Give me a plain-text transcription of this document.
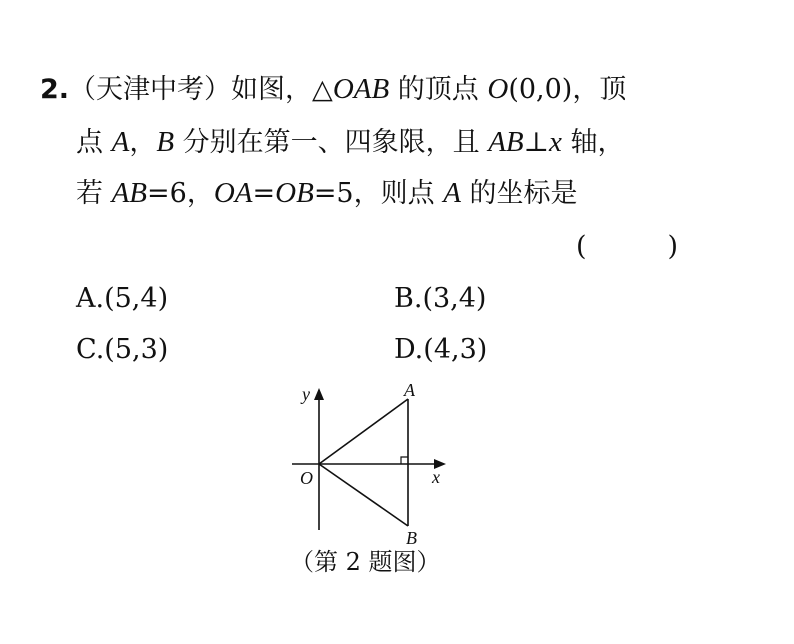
2.（天津中考）如图，△OAB 的顶点 O(0,0)，顶
点 A，B 分别在第一、四象限，且 AB⊥x 轴，
若 AB=6，OA=OB=5，则点 A 的坐标是
(　　　)
A.(5,4)	B.(3,4)
C.(5,3)	D.(4,3)
y
x
O
A
B
（第 2 题图）
